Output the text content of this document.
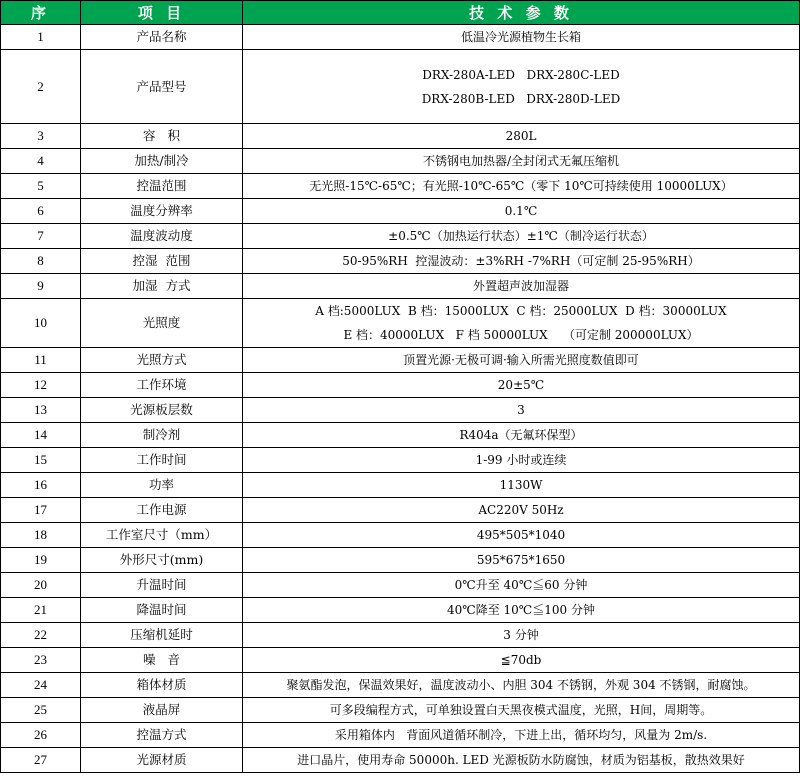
序	项 目	技 术 参 数
1	产品名称	低温冷光源植物生长箱
2	产品型号	DRX-280A-LED   DRX-280C-LED
DRX-280B-LED   DRX-280D-LED

3	容   积	280L
4	加热/制冷	不锈钢电加热器/全封闭式无氟压缩机
5	控温范围	无光照-15℃-65℃；有光照-10℃-65℃（零下 10℃可持续使用 10000LUX）
6	温度分辨率	0.1℃
7	温度波动度	±0.5℃（加热运行状态）±1℃（制冷运行状态）
8	控湿  范围	50-95%RH  控湿波动：±3%RH -7%RH（可定制 25-95%RH）
9	加湿  方式	外置超声波加湿器
10	光照度	A 档:5000LUX  B 档：15000LUX  C 档：25000LUX  D 档：30000LUX
E 档：40000LUX   F 档 50000LUX    （可定制 200000LUX）

11	光照方式	顶置光源·无极可调·输入所需光照度数值即可
12	工作环境	20±5℃
13	光源板层数	3
14	制冷剂	R404a（无氟环保型）
15	工作时间	1-99 小时或连续
16	功率	1130W
17	工作电源	AC220V 50Hz
18	工作室尺寸（mm）	495*505*1040
19	外形尺寸(mm)	595*675*1650
20	升温时间	0℃升至 40℃≦60 分钟
21	降温时间	40℃降至 10℃≦100 分钟
22	压缩机延时	3 分钟
23	噪   音	≦70db
24	箱体材质	聚氨酯发泡，保温效果好，温度波动小、内胆 304 不锈钢，外观 304 不锈钢，耐腐蚀。
25	液晶屏	可多段编程方式，可单独设置白天黑夜模式温度，光照，H间，周期等。
26	控温方式	采用箱体内   背面风道循环制冷，下进上出，循环均匀，风量为 2m/s.
27	光源材质	进口晶片，使用寿命 50000h. LED 光源板防水防腐蚀，材质为铝基板，散热效果好
